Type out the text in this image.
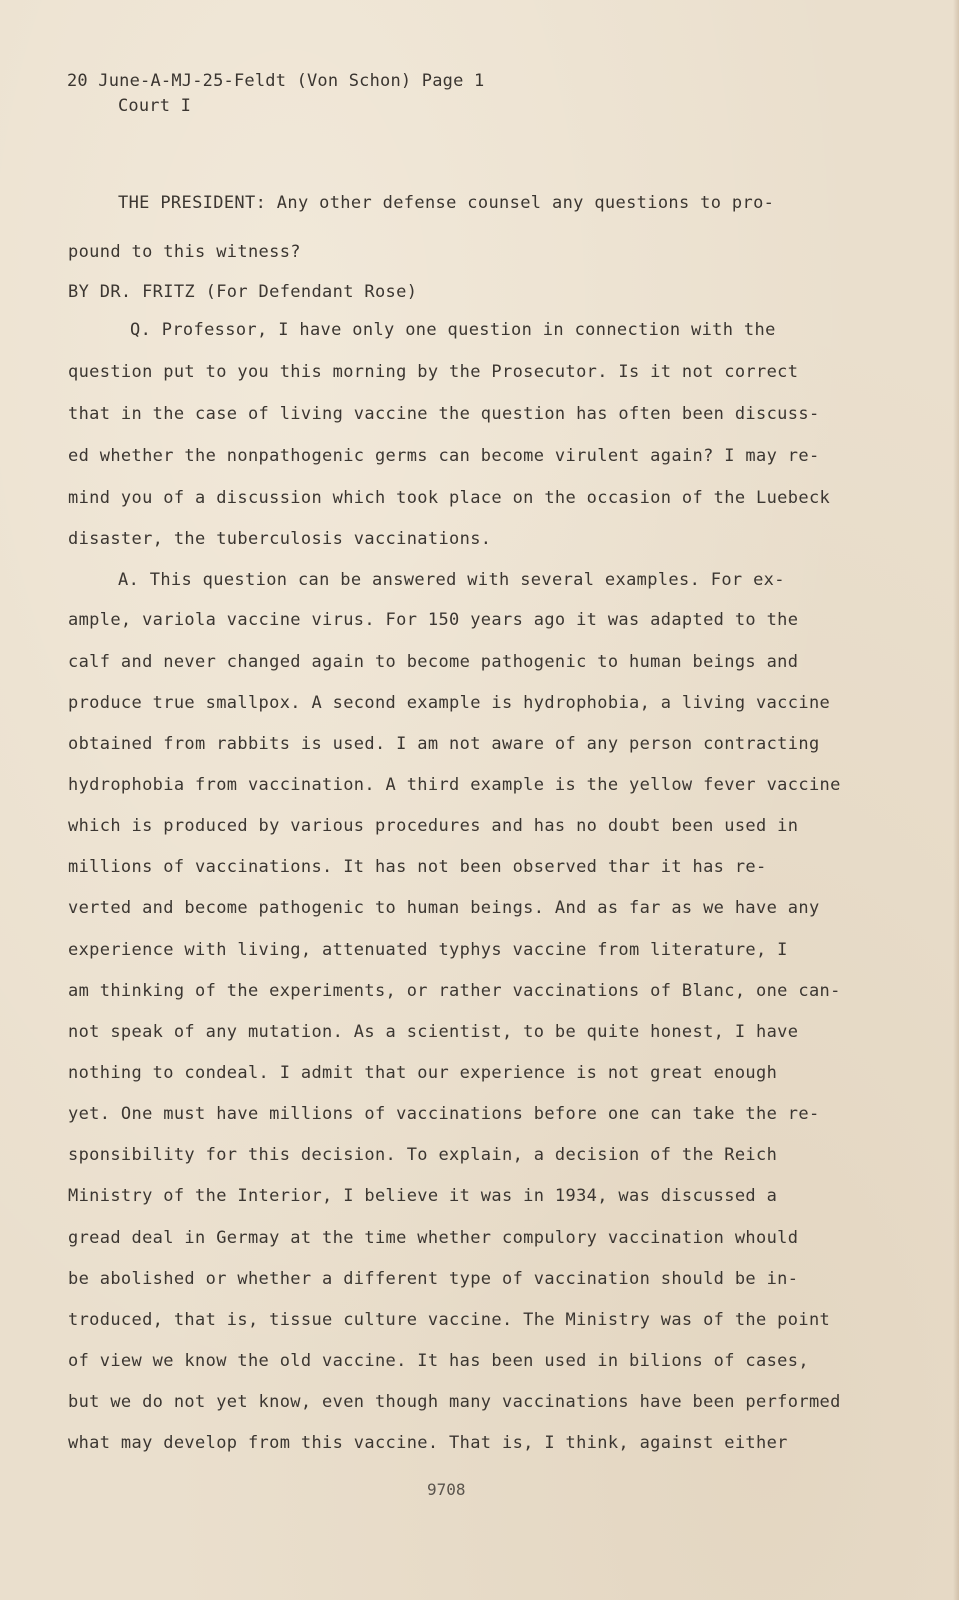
20 June-A-MJ-25-Feldt (Von Schon) Page 1
Court I
THE PRESIDENT: Any other defense counsel any questions to pro-
pound to this witness?
BY DR. FRITZ (For Defendant Rose)
Q. Professor, I have only one question in connection with the
question put to you this morning by the Prosecutor. Is it not correct
that in the case of living vaccine the question has often been discuss-
ed whether the nonpathogenic germs can become virulent again? I may re-
mind you of a discussion which took place on the occasion of the Luebeck
disaster, the tuberculosis vaccinations.
A. This question can be answered with several examples. For ex-
ample, variola vaccine virus. For 150 years ago it was adapted to the
calf and never changed again to become pathogenic to human beings and
produce true smallpox. A second example is hydrophobia, a living vaccine
obtained from rabbits is used. I am not aware of any person contracting
hydrophobia from vaccination. A third example is the yellow fever vaccine
which is produced by various procedures and has no doubt been used in
millions of vaccinations. It has not been observed thar it has re-
verted and become pathogenic to human beings. And as far as we have any
experience with living, attenuated typhys vaccine from literature, I
am thinking of the experiments, or rather vaccinations of Blanc, one can-
not speak of any mutation. As a scientist, to be quite honest, I have
nothing to condeal. I admit that our experience is not great enough
yet. One must have millions of vaccinations before one can take the re-
sponsibility for this decision. To explain, a decision of the Reich
Ministry of the Interior, I believe it was in 1934, was discussed a
gread deal in Germay at the time whether compulory vaccination whould
be abolished or whether a different type of vaccination should be in-
troduced, that is, tissue culture vaccine. The Ministry was of the point
of view we know the old vaccine. It has been used in bilions of cases,
but we do not yet know, even though many vaccinations have been performed
what may develop from this vaccine. That is, I think, against either
9708
